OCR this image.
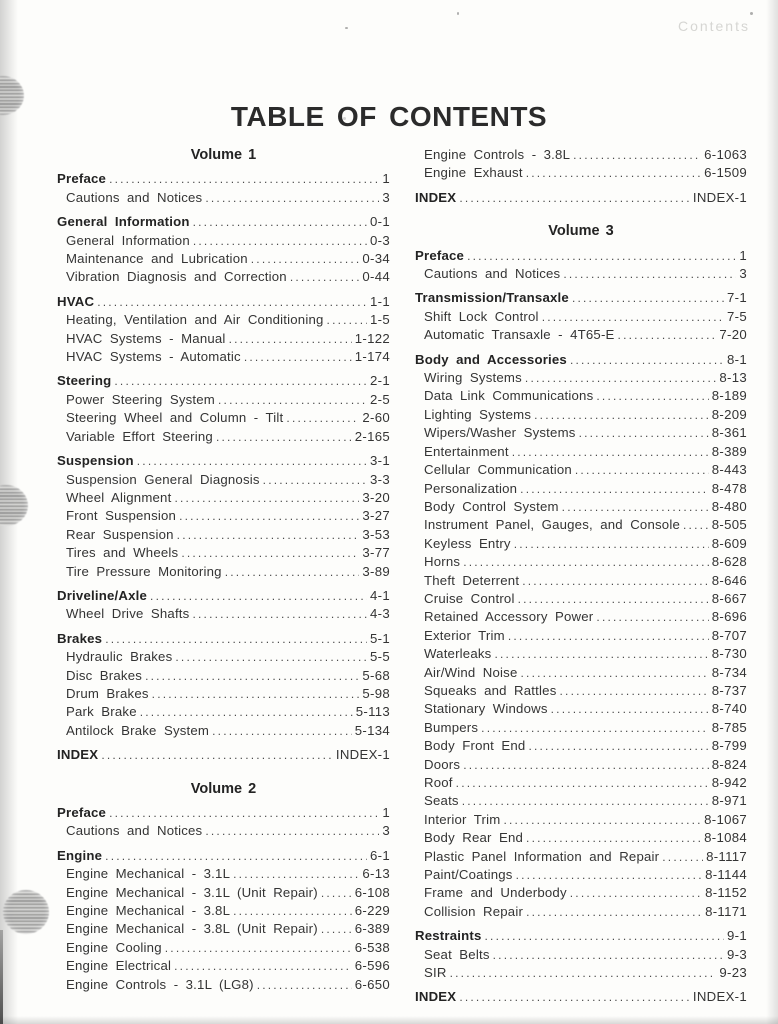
Contents
TABLE OF CONTENTS
Volume 1
Preface .....	1
Cautions and Notices .....	3
General Information .....	0-1
General Information .....	0-3
Maintenance and Lubrication .....	0-34
Vibration Diagnosis and Correction .....	0-44
HVAC .....	1-1
Heating, Ventilation and Air Conditioning .....	1-5
HVAC Systems - Manual .....	1-122
HVAC Systems - Automatic .....	1-174
Steering .....	2-1
Power Steering System .....	2-5
Steering Wheel and Column - Tilt .....	2-60
Variable Effort Steering .....	2-165
Suspension .....	3-1
Suspension General Diagnosis .....	3-3
Wheel Alignment .....	3-20
Front Suspension .....	3-27
Rear Suspension .....	3-53
Tires and Wheels .....	3-77
Tire Pressure Monitoring .....	3-89
Driveline/Axle .....	4-1
Wheel Drive Shafts .....	4-3
Brakes .....	5-1
Hydraulic Brakes .....	5-5
Disc Brakes .....	5-68
Drum Brakes .....	5-98
Park Brake .....	5-113
Antilock Brake System .....	5-134
INDEX .....	INDEX-1
Volume 2
Preface .....	1
Cautions and Notices .....	3
Engine .....	6-1
Engine Mechanical - 3.1L .....	6-13
Engine Mechanical - 3.1L (Unit Repair) .....	6-108
Engine Mechanical - 3.8L .....	6-229
Engine Mechanical - 3.8L (Unit Repair) .....	6-389
Engine Cooling .....	6-538
Engine Electrical .....	6-596
Engine Controls - 3.1L (LG8) .....	6-650
Engine Controls - 3.8L .....	6-1063
Engine Exhaust .....	6-1509
INDEX .....	INDEX-1
Volume 3
Preface .....	1
Cautions and Notices .....	3
Transmission/Transaxle .....	7-1
Shift Lock Control .....	7-5
Automatic Transaxle - 4T65-E .....	7-20
Body and Accessories .....	8-1
Wiring Systems .....	8-13
Data Link Communications .....	8-189
Lighting Systems .....	8-209
Wipers/Washer Systems .....	8-361
Entertainment .....	8-389
Cellular Communication .....	8-443
Personalization .....	8-478
Body Control System .....	8-480
Instrument Panel, Gauges, and Console ..... 8-505
Keyless Entry .....	8-609
Horns .....	8-628
Theft Deterrent .....	8-646
Cruise Control .....	8-667
Retained Accessory Power .....	8-696
Exterior Trim .....	8-707
Waterleaks .....	8-730
Air/Wind Noise .....	8-734
Squeaks and Rattles .....	8-737
Stationary Windows .....	8-740
Bumpers .....	8-785
Body Front End .....	8-799
Doors .....	8-824
Roof .....	8-942
Seats .....	8-971
Interior Trim .....	8-1067
Body Rear End .....	8-1084
Plastic Panel Information and Repair .....	8-1117
Paint/Coatings .....	8-1144
Frame and Underbody .....	8-1152
Collision Repair .....	8-1171
Restraints .....	9-1
Seat Belts .....	9-3
SIR .....	9-23
INDEX .....	INDEX-1
